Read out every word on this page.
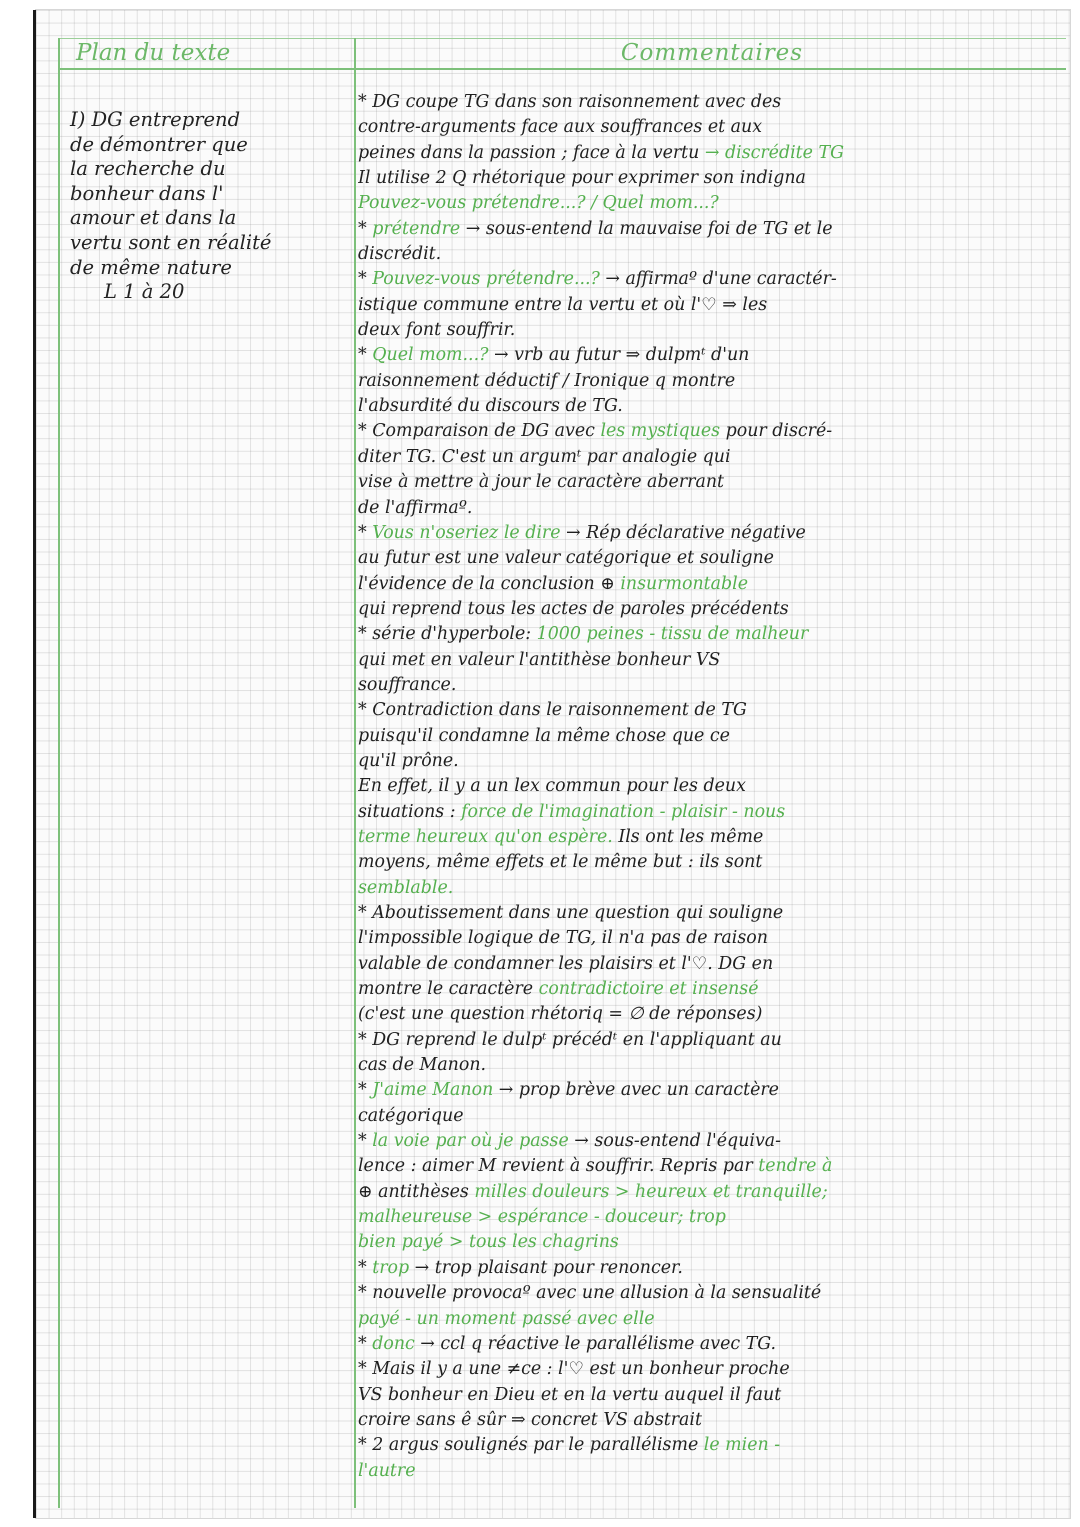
Plan du texte	Commentaires
I) DG entreprend
de démontrer que
la recherche du
bonheur dans l'
amour et dans la
vertu sont en réalité
de même nature
L 1 à 20
* DG coupe TG dans son raisonnement avec des
contre-arguments face aux souffrances et aux
peines dans la passion ; face à la vertu → discrédite TG
Il utilise 2 Q rhétorique pour exprimer son indigna
Pouvez-vous prétendre...? / Quel mom...?
* prétendre → sous-entend la mauvaise foi de TG et le
discrédit.
* Pouvez-vous prétendre...? → affirmaº d'une caractér-
istique commune entre la vertu et où l'♡ ⇒ les
deux font souffrir.
* Quel mom...? → vrb au futur ⇒ dulpmᵗ d'un
raisonnement déductif / Ironique q montre
l'absurdité du discours de TG.
* Comparaison de DG avec les mystiques pour discré-
diter TG. C'est un argumᵗ par analogie qui
vise à mettre à jour le caractère aberrant
de l'affirmaº.
* Vous n'oseriez le dire → Rép déclarative négative
au futur est une valeur catégorique et souligne
l'évidence de la conclusion ⊕ insurmontable
qui reprend tous les actes de paroles précédents
* série d'hyperbole: 1000 peines - tissu de malheur
qui met en valeur l'antithèse bonheur VS
souffrance.
* Contradiction dans le raisonnement de TG
puisqu'il condamne la même chose que ce
qu'il prône.
En effet, il y a un lex commun pour les deux
situations : force de l'imagination - plaisir - nous
terme heureux qu'on espère. Ils ont les même
moyens, même effets et le même but : ils sont
semblable.
* Aboutissement dans une question qui souligne
l'impossible logique de TG, il n'a pas de raison
valable de condamner les plaisirs et l'♡. DG en
montre le caractère contradictoire et insensé
(c'est une question rhétoriq = ∅ de réponses)
* DG reprend le dulpᵗ précédᵗ en l'appliquant au
cas de Manon.
* J'aime Manon → prop brève avec un caractère
catégorique
* la voie par où je passe → sous-entend l'équiva-
lence : aimer M revient à souffrir. Repris par tendre à
⊕ antithèses milles douleurs > heureux et tranquille;
malheureuse > espérance - douceur; trop
bien payé > tous les chagrins
* trop → trop plaisant pour renoncer.
* nouvelle provocaº avec une allusion à la sensualité
payé - un moment passé avec elle
* donc → ccl q réactive le parallélisme avec TG.
* Mais il y a une ≠ce : l'♡ est un bonheur proche
VS bonheur en Dieu et en la vertu auquel il faut
croire sans ê sûr ⇒ concret VS abstrait
* 2 argus soulignés par le parallélisme le mien -
l'autre
